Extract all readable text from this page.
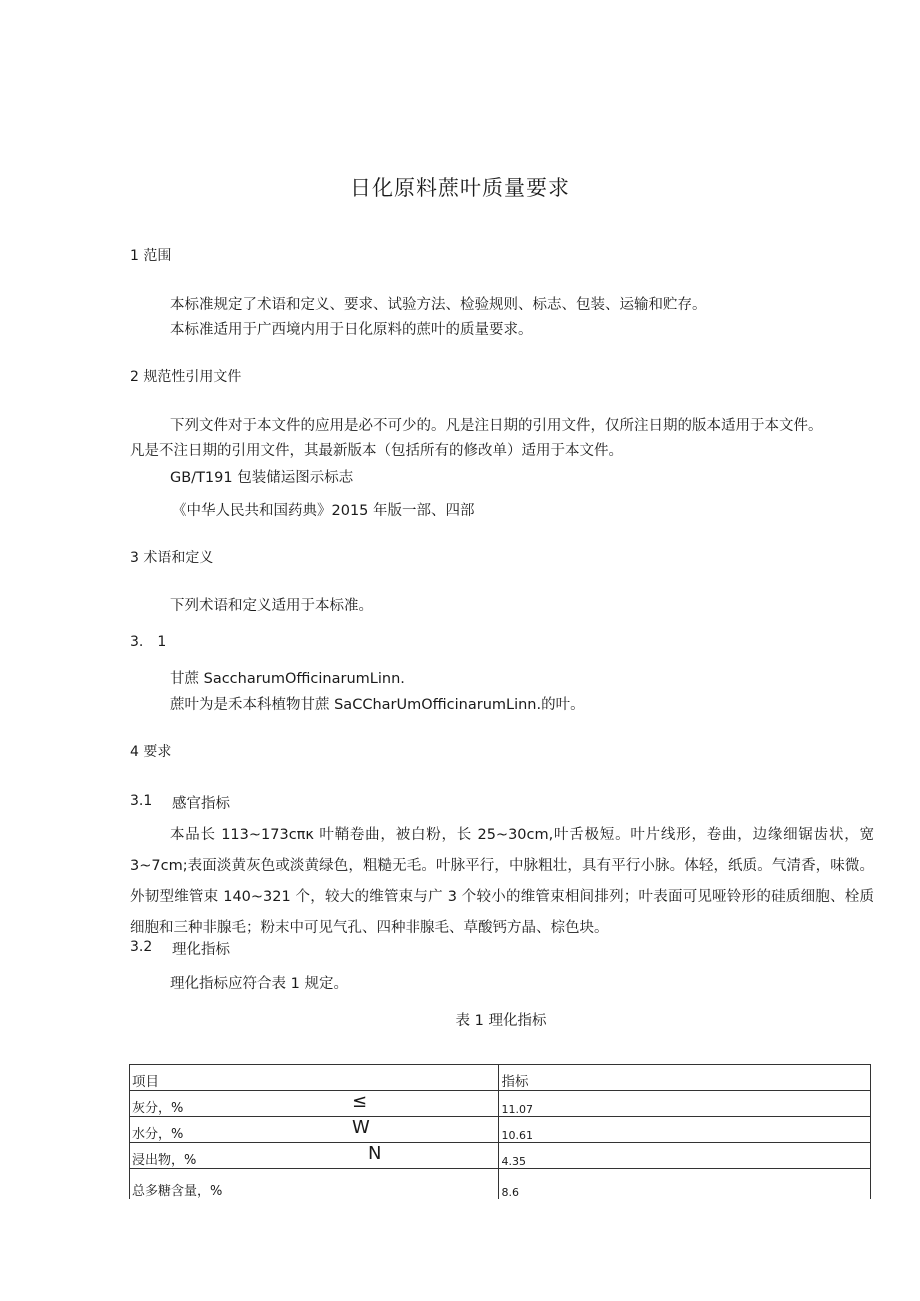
日化原料蔗叶质量要求
1 范围
本标准规定了术语和定义、要求、试验方法、检验规则、标志、包装、运输和贮存。
本标准适用于广西境内用于日化原料的蔗叶的质量要求。
2 规范性引用文件
下列文件对于本文件的应用是必不可少的。凡是注日期的引用文件，仅所注日期的版本适用于本文件。
凡是不注日期的引用文件，其最新版本（包括所有的修改单）适用于本文件。
GB/T191 包装储运图示标志
《中华人民共和国药典》2015 年版一部、四部
3 术语和定义
下列术语和定义适用于本标准。
3.　1
甘蔗 SaccharumOfficinarumLinn.
蔗叶为是禾本科植物甘蔗 SaCCharUmOfficinarumLinn.的叶。
4 要求
3.1 感官指标
本品长 113~173cπκ 叶鞘卷曲，被白粉，长 25~30cm,叶舌极短。叶片线形，卷曲，边缘细锯齿状，宽 3~7cm;表面淡黄灰色或淡黄绿色，粗糙无毛。叶脉平行，中脉粗壮，具有平行小脉。体轻，纸质。气清香，味微。外韧型维管束 140~321 个，较大的维管束与广 3 个较小的维管束相间排列；叶表面可见哑铃形的硅质细胞、栓质细胞和三种非腺毛；粉末中可见气孔、四种非腺毛、草酸钙方晶、棕色块。
3.2 理化指标
理化指标应符合表 1 规定。
表 1 理化指标
项目	指标
灰分，% ≤	11.07
水分，% W	10.61
浸出物，% N	4.35
总多糖含量，%	8.6
